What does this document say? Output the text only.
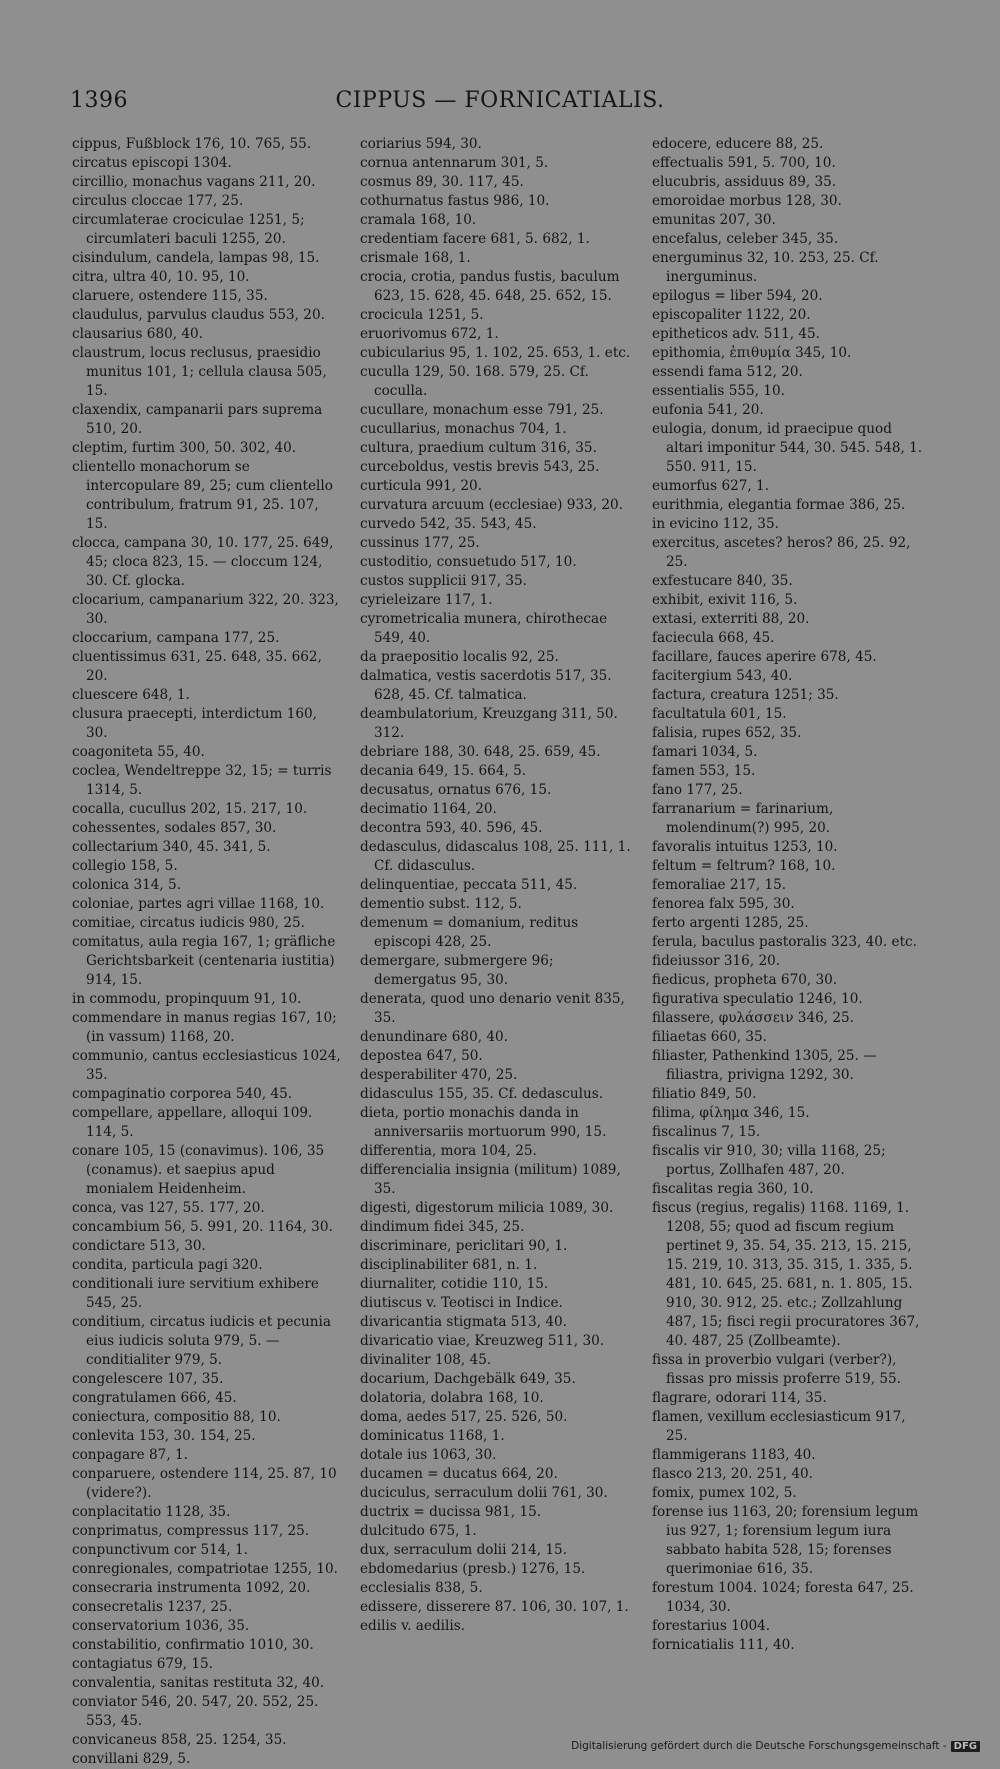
1396	CIPPUS — FORNICATIALIS.

cippus, Fußblock 176, 10. 765, 55.

circatus episcopi 1304.

circillio, monachus vagans 211, 20.

circulus cloccae 177, 25.

circumlaterae crociculae 1251, 5; circumlateri baculi 1255, 20.

cisindulum, candela, lampas 98, 15.

citra, ultra 40, 10. 95, 10.

claruere, ostendere 115, 35.

claudulus, parvulus claudus 553, 20.

clausarius 680, 40.

claustrum, locus reclusus, praesidio munitus 101, 1; cellula clausa 505, 15.

claxendix, campanarii pars suprema 510, 20.

cleptim, furtim 300, 50. 302, 40.

clientello monachorum se intercopulare 89, 25; cum clientello contribulum, fratrum 91, 25. 107, 15.

clocca, campana 30, 10. 177, 25. 649, 45; cloca 823, 15. — cloccum 124, 30. Cf. glocka.

clocarium, campanarium 322, 20. 323, 30.

cloccarium, campana 177, 25.

cluentissimus 631, 25. 648, 35. 662, 20.

cluescere 648, 1.

clusura praecepti, interdictum 160, 30.

coagoniteta 55, 40.

coclea, Wendeltreppe 32, 15; = turris 1314, 5.

cocalla, cucullus 202, 15. 217, 10.

cohessentes, sodales 857, 30.

collectarium 340, 45. 341, 5.

collegio 158, 5.

colonica 314, 5.

coloniae, partes agri villae 1168, 10.

comitiae, circatus iudicis 980, 25.

comitatus, aula regia 167, 1; gräfliche Gerichtsbarkeit (centenaria iustitia) 914, 15.

in commodu, propinquum 91, 10.

commendare in manus regias 167, 10; (in vassum) 1168, 20.

communio, cantus ecclesiasticus 1024, 35.

compaginatio corporea 540, 45.

compellare, appellare, alloqui 109. 114, 5.

conare 105, 15 (conavimus). 106, 35 (conamus). et saepius apud monialem Heidenheim.

conca, vas 127, 55. 177, 20.

concambium 56, 5. 991, 20. 1164, 30.

condictare 513, 30.

condita, particula pagi 320.

conditionali iure servitium exhibere 545, 25.

conditium, circatus iudicis et pecunia eius iudicis soluta 979, 5. — conditialiter 979, 5.

congelescere 107, 35.

congratulamen 666, 45.

coniectura, compositio 88, 10.

conlevita 153, 30. 154, 25.

conpagare 87, 1.

conparuere, ostendere 114, 25. 87, 10 (videre?).

conplacitatio 1128, 35.

conprimatus, compressus 117, 25.

conpunctivum cor 514, 1.

conregionales, compatriotae 1255, 10.

consecraria instrumenta 1092, 20.

consecretalis 1237, 25.

conservatorium 1036, 35.

constabilitio, confirmatio 1010, 30.

contagiatus 679, 15.

convalentia, sanitas restituta 32, 40.

conviator 546, 20. 547, 20. 552, 25. 553, 45.

convicaneus 858, 25. 1254, 35.

convillani 829, 5.

coriarius 594, 30.

cornua antennarum 301, 5.

cosmus 89, 30. 117, 45.

cothurnatus fastus 986, 10.

cramala 168, 10.

credentiam facere 681, 5. 682, 1.

crismale 168, 1.

crocia, crotia, pandus fustis, baculum 623, 15. 628, 45. 648, 25. 652, 15.

crocicula 1251, 5.

eruorivomus 672, 1.

cubicularius 95, 1. 102, 25. 653, 1. etc.

cuculla 129, 50. 168. 579, 25. Cf. coculla.

cucullare, monachum esse 791, 25.

cucullarius, monachus 704, 1.

cultura, praedium cultum 316, 35.

curceboldus, vestis brevis 543, 25.

curticula 991, 20.

curvatura arcuum (ecclesiae) 933, 20.

curvedo 542, 35. 543, 45.

cussinus 177, 25.

custoditio, consuetudo 517, 10.

custos supplicii 917, 35.

cyrieleizare 117, 1.

cyrometricalia munera, chirothecae 549, 40.

da praepositio localis 92, 25.

dalmatica, vestis sacerdotis 517, 35. 628, 45. Cf. talmatica.

deambulatorium, Kreuzgang 311, 50. 312.

debriare 188, 30. 648, 25. 659, 45.

decania 649, 15. 664, 5.

decusatus, ornatus 676, 15.

decimatio 1164, 20.

decontra 593, 40. 596, 45.

dedasculus, didascalus 108, 25. 111, 1. Cf. didasculus.

delinquentiae, peccata 511, 45.

dementio subst. 112, 5.

demenum = domanium, reditus episcopi 428, 25.

demergare, submergere 96; demergatus 95, 30.

denerata, quod uno denario venit 835, 35.

denundinare 680, 40.

depostea 647, 50.

desperabiliter 470, 25.

didasculus 155, 35. Cf. dedasculus.

dieta, portio monachis danda in anniversariis mortuorum 990, 15.

differentia, mora 104, 25.

differencialia insignia (militum) 1089, 35.

digesti, digestorum milicia 1089, 30.

dindimum fidei 345, 25.

discriminare, periclitari 90, 1.

disciplinabiliter 681, n. 1.

diurnaliter, cotidie 110, 15.

diutiscus v. Teotisci in Indice.

divaricantia stigmata 513, 40.

divaricatio viae, Kreuzweg 511, 30.

divinaliter 108, 45.

docarium, Dachgebälk 649, 35.

dolatoria, dolabra 168, 10.

doma, aedes 517, 25. 526, 50.

dominicatus 1168, 1.

dotale ius 1063, 30.

ducamen = ducatus 664, 20.

duciculus, serraculum dolii 761, 30.

ductrix = ducissa 981, 15.

dulcitudo 675, 1.

dux, serraculum dolii 214, 15.

ebdomedarius (presb.) 1276, 15.

ecclesialis 838, 5.

edissere, disserere 87. 106, 30. 107, 1.

edilis v. aedilis.

edocere, educere 88, 25.

effectualis 591, 5. 700, 10.

elucubris, assiduus 89, 35.

emoroidae morbus 128, 30.

emunitas 207, 30.

encefalus, celeber 345, 35.

energuminus 32, 10. 253, 25. Cf. inerguminus.

epilogus = liber 594, 20.

episcopaliter 1122, 20.

epitheticos adv. 511, 45.

epithomia, ἐπιθυμία 345, 10.

essendi fama 512, 20.

essentialis 555, 10.

eufonia 541, 20.

eulogia, donum, id praecipue quod altari imponitur 544, 30. 545. 548, 1. 550. 911, 15.

eumorfus 627, 1.

eurithmia, elegantia formae 386, 25.

in evicino 112, 35.

exercitus, ascetes? heros? 86, 25. 92, 25.

exfestucare 840, 35.

exhibit, exivit 116, 5.

extasi, exterriti 88, 20.

faciecula 668, 45.

facillare, fauces aperire 678, 45.

facitergium 543, 40.

factura, creatura 1251; 35.

facultatula 601, 15.

falisia, rupes 652, 35.

famari 1034, 5.

famen 553, 15.

fano 177, 25.

farranarium = farinarium, molendinum(?) 995, 20.

favoralis intuitus 1253, 10.

feltum = feltrum? 168, 10.

femoraliae 217, 15.

fenorea falx 595, 30.

ferto argenti 1285, 25.

ferula, baculus pastoralis 323, 40. etc.

fideiussor 316, 20.

fiedicus, propheta 670, 30.

figurativa speculatio 1246, 10.

filassere, φυλάσσειν 346, 25.

filiaetas 660, 35.

filiaster, Pathenkind 1305, 25. — filiastra, privigna 1292, 30.

filiatio 849, 50.

filima, φίλημα 346, 15.

fiscalinus 7, 15.

fiscalis vir 910, 30; villa 1168, 25; portus, Zollhafen 487, 20.

fiscalitas regia 360, 10.

fiscus (regius, regalis) 1168. 1169, 1. 1208, 55; quod ad fiscum regium pertinet 9, 35. 54, 35. 213, 15. 215, 15. 219, 10. 313, 35. 315, 1. 335, 5. 481, 10. 645, 25. 681, n. 1. 805, 15. 910, 30. 912, 25. etc.; Zollzahlung 487, 15; fisci regii procuratores 367, 40. 487, 25 (Zollbeamte).

fissa in proverbio vulgari (verber?), fissas pro missis proferre 519, 55.

flagrare, odorari 114, 35.

flamen, vexillum ecclesiasticum 917, 25.

flammigerans 1183, 40.

flasco 213, 20. 251, 40.

fomix, pumex 102, 5.

forense ius 1163, 20; forensium legum ius 927, 1; forensium legum iura sabbato habita 528, 15; forenses querimoniae 616, 35.

forestum 1004. 1024; foresta 647, 25. 1034, 30.

forestarius 1004.

fornicatialis 111, 40.

Digitalisierung gefördert durch die Deutsche Forschungsgemeinschaft - DFG
